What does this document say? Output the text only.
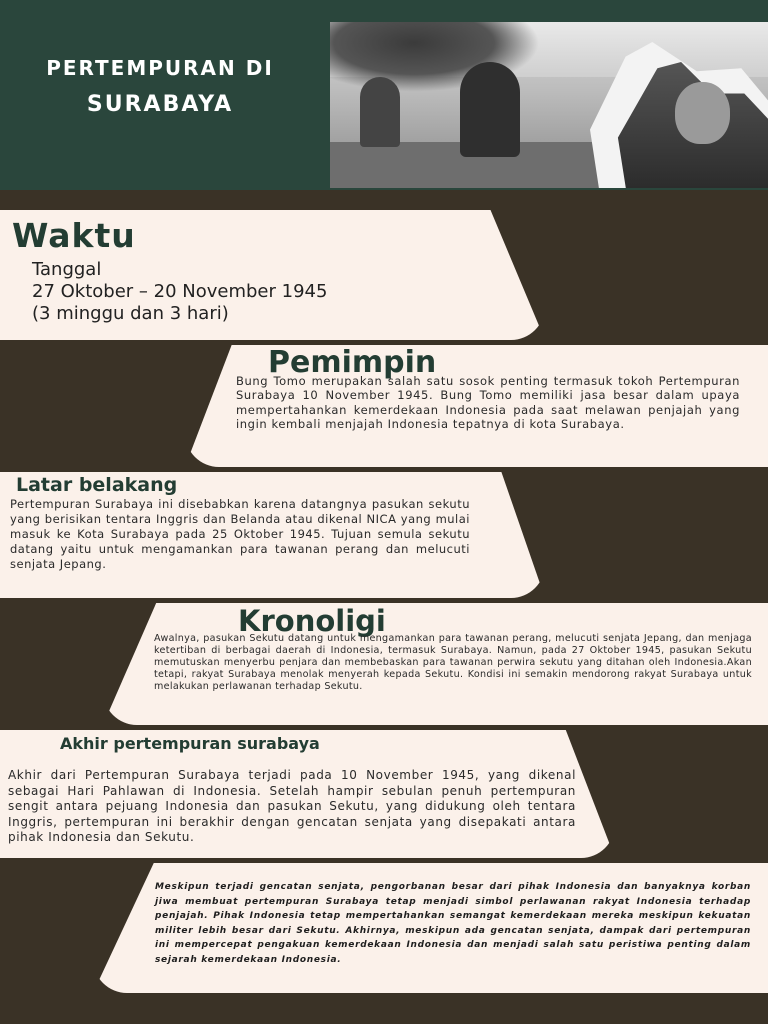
PERTEMPURAN DI
SURABAYA
Waktu
Tanggal
27 Oktober – 20 November 1945
(3 minggu dan 3 hari)
Pemimpin
Bung Tomo merupakan salah satu sosok penting termasuk tokoh Pertempuran Surabaya 10 November 1945. Bung Tomo memiliki jasa besar dalam upaya mempertahankan kemerdekaan Indonesia pada saat melawan penjajah yang ingin kembali menjajah Indonesia tepatnya di kota Surabaya.
Latar belakang
Pertempuran Surabaya ini disebabkan karena datangnya pasukan sekutu yang berisikan tentara Inggris dan Belanda atau dikenal NICA yang mulai masuk ke Kota Surabaya pada 25 Oktober 1945. Tujuan semula sekutu datang yaitu untuk mengamankan para tawanan perang dan melucuti senjata Jepang.
Kronoligi
Awalnya, pasukan Sekutu datang untuk mengamankan para tawanan perang, melucuti senjata Jepang, dan menjaga ketertiban di berbagai daerah di Indonesia, termasuk Surabaya. Namun, pada 27 Oktober 1945, pasukan Sekutu memutuskan menyerbu penjara dan membebaskan para tawanan perwira sekutu yang ditahan oleh Indonesia.Akan tetapi, rakyat Surabaya menolak menyerah kepada Sekutu. Kondisi ini semakin mendorong rakyat Surabaya untuk melakukan perlawanan terhadap Sekutu.
Akhir pertempuran surabaya
Akhir dari Pertempuran Surabaya terjadi pada 10 November 1945, yang dikenal sebagai Hari Pahlawan di Indonesia. Setelah hampir sebulan penuh pertempuran sengit antara pejuang Indonesia dan pasukan Sekutu, yang didukung oleh tentara Inggris, pertempuran ini berakhir dengan gencatan senjata yang disepakati antara pihak Indonesia dan Sekutu.
Meskipun terjadi gencatan senjata, pengorbanan besar dari pihak Indonesia dan banyaknya korban jiwa membuat pertempuran Surabaya tetap menjadi simbol perlawanan rakyat Indonesia terhadap penjajah. Pihak Indonesia tetap mempertahankan semangat kemerdekaan mereka meskipun kekuatan militer lebih besar dari Sekutu. Akhirnya, meskipun ada gencatan senjata, dampak dari pertempuran ini mempercepat pengakuan kemerdekaan Indonesia dan menjadi salah satu peristiwa penting dalam sejarah kemerdekaan Indonesia.
